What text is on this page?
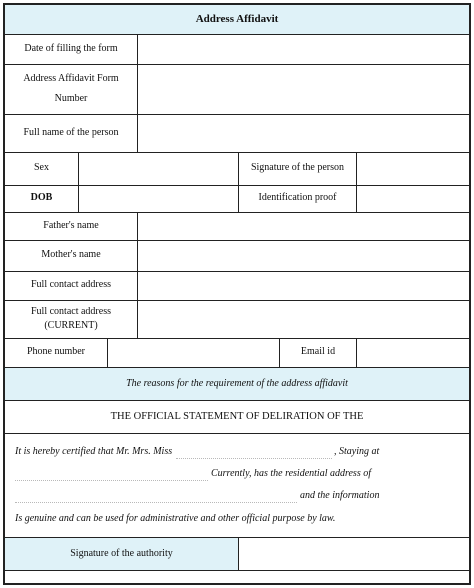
Address Affidavit
Date of filling the form
Address Affidavit Form
Number
Full name of the person
Sex	Signature of the person
DOB	Identification proof
Father's name
Mother's name
Full contact address
Full contact address
(CURRENT)
Phone number	Email id
The reasons for the requirement of the address affidavit
THE OFFICIAL STATEMENT OF DELIRATION OF THE
It is hereby certified that Mr. Mrs. Miss	, Staying at
Currently, has the residential address of
and the information
Is genuine and can be used for administrative and other official purpose by law.
Signature of the authority
